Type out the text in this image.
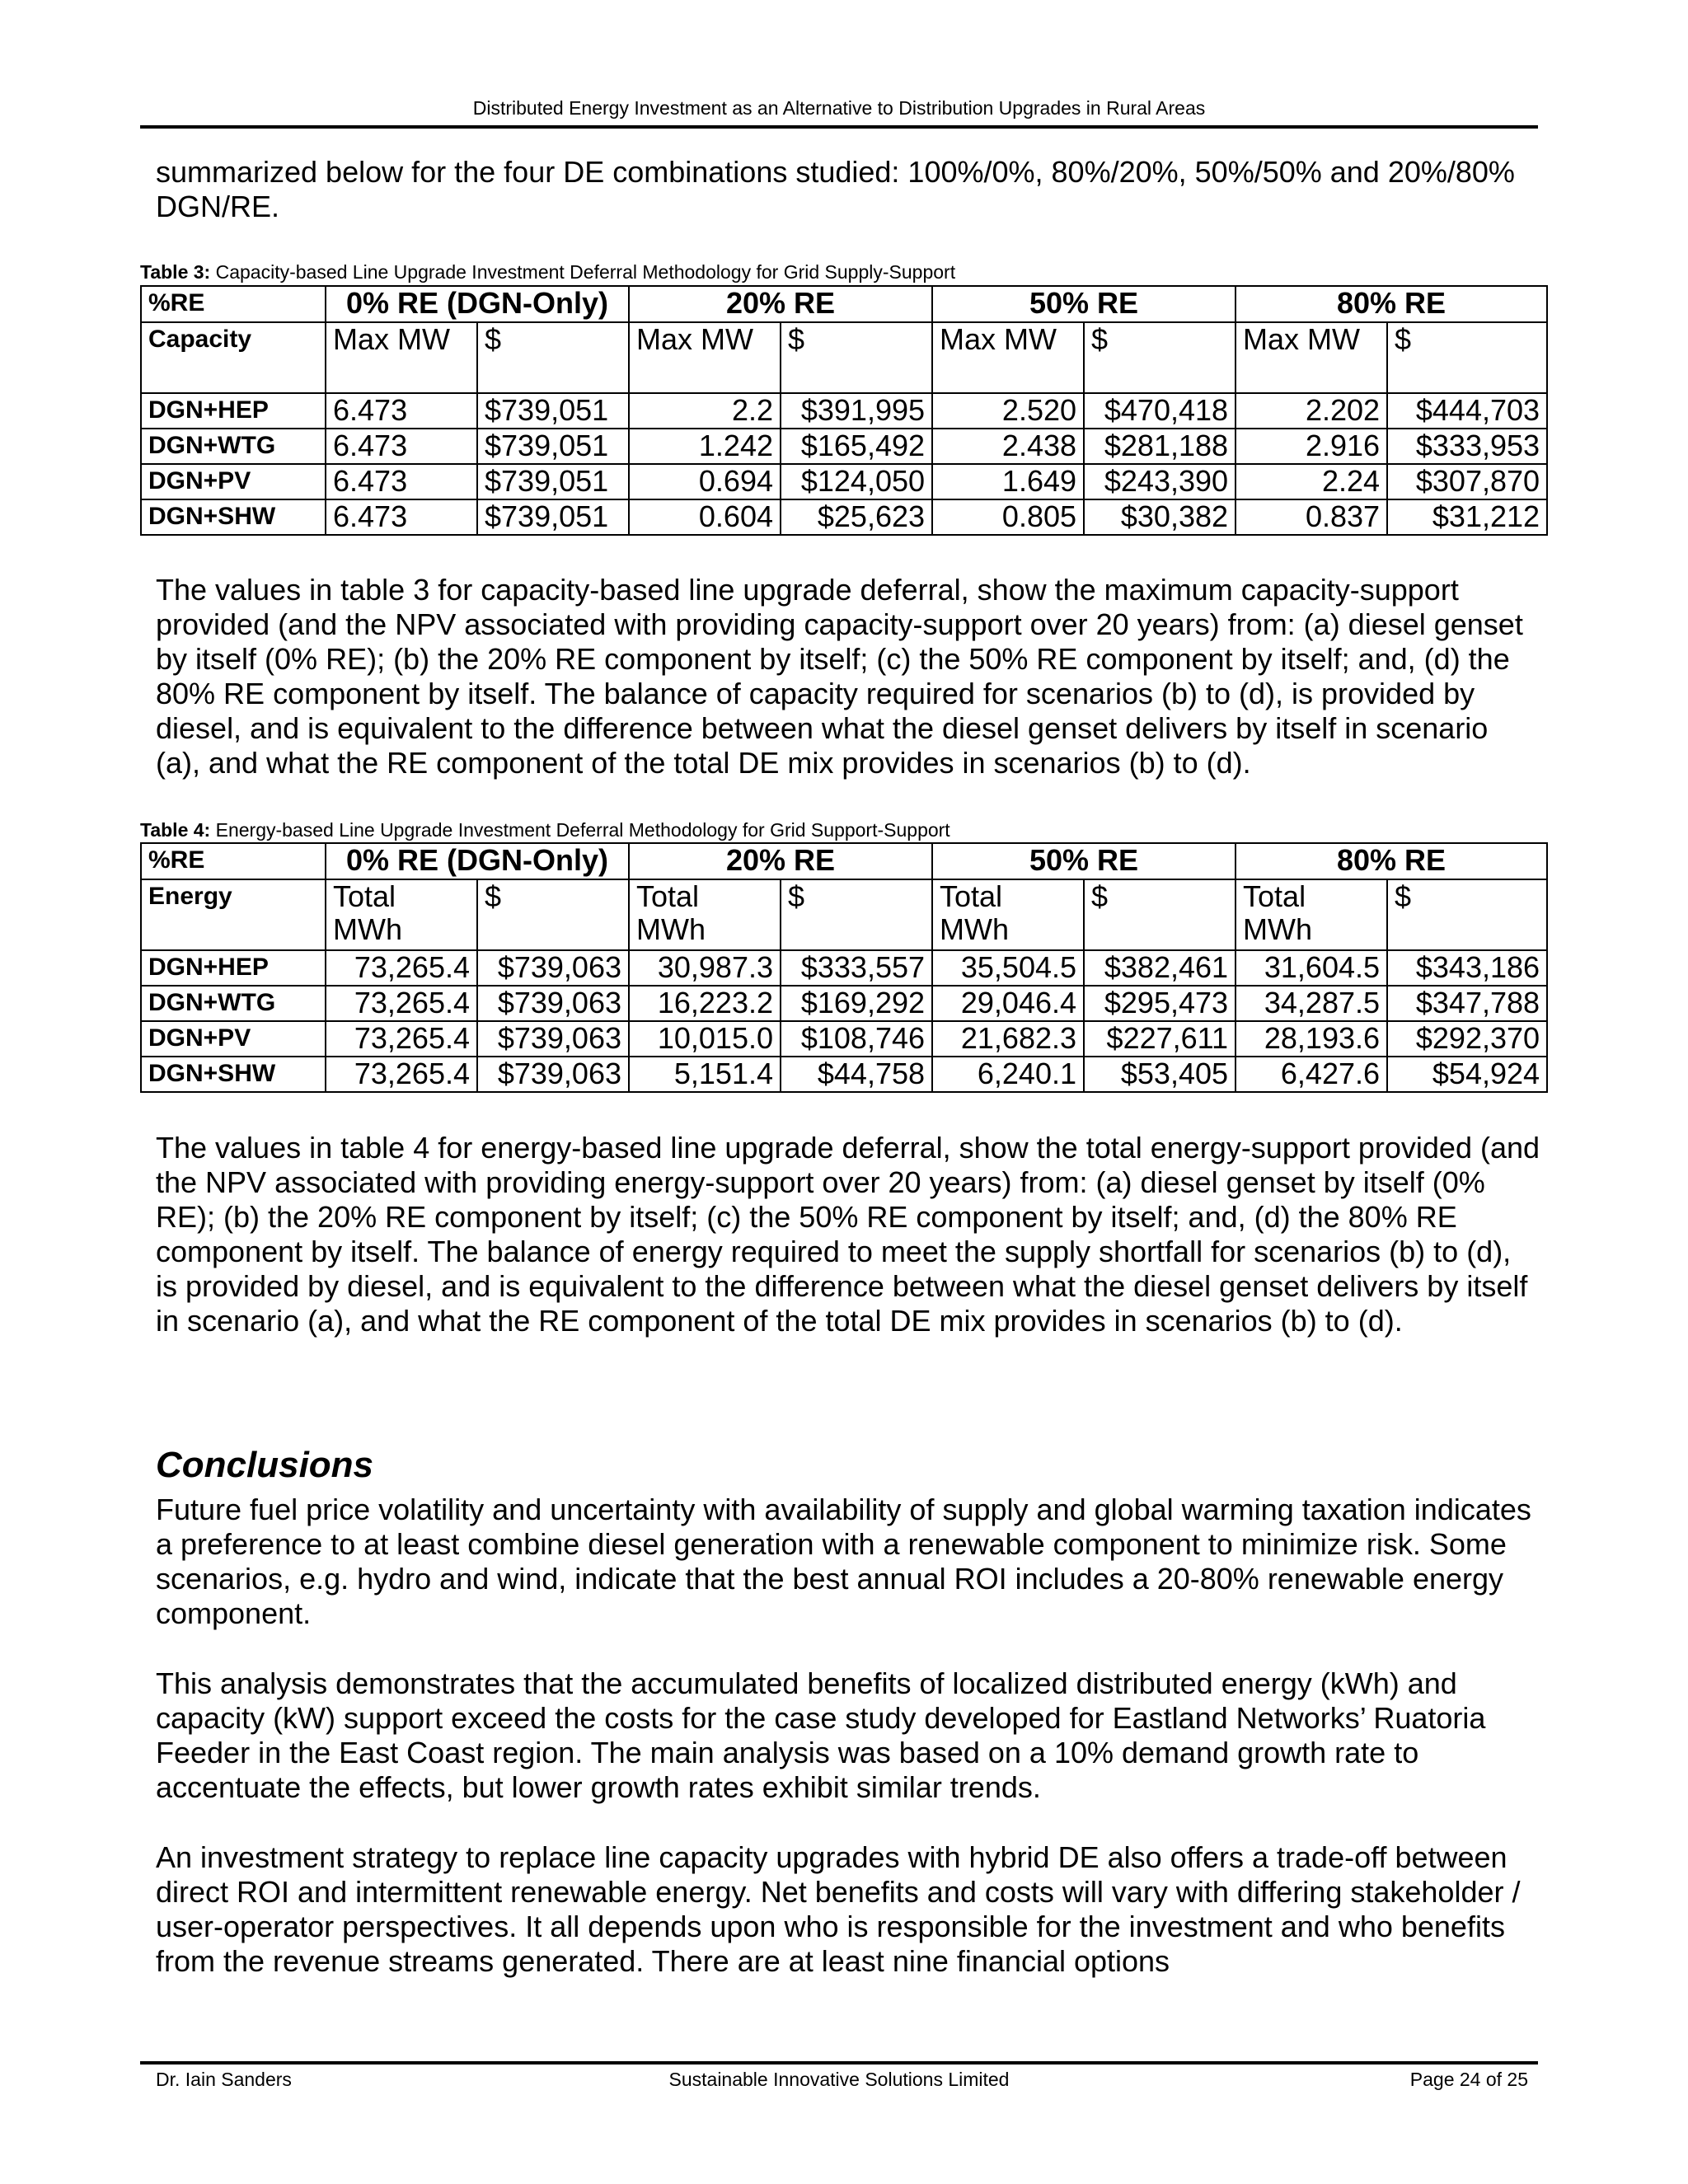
Distributed Energy Investment as an Alternative to Distribution Upgrades in Rural Areas

summarized below for the four DE combinations studied: 100%/0%, 80%/20%, 50%/50% and 20%/80% DGN/RE.

Table 3: Capacity-based Line Upgrade Investment Deferral Methodology for Grid Supply-Support
%RE	0% RE (DGN-Only)		20% RE		50% RE		80% RE	
Capacity	Max MW	$	Max MW	$	Max MW	$	Max MW	$
DGN+HEP	6.473	$739,051	2.2	$391,995	2.520	$470,418	2.202	$444,703
DGN+WTG	6.473	$739,051	1.242	$165,492	2.438	$281,188	2.916	$333,953
DGN+PV	6.473	$739,051	0.694	$124,050	1.649	$243,390	2.24	$307,870
DGN+SHW	6.473	$739,051	0.604	$25,623	0.805	$30,382	0.837	$31,212

The values in table 3 for capacity-based line upgrade deferral, show the maximum capacity-support provided (and the NPV associated with providing capacity-support over 20 years) from: (a) diesel genset by itself (0% RE); (b) the 20% RE component by itself; (c) the 50% RE component by itself; and, (d) the 80% RE component by itself. The balance of capacity required for scenarios (b) to (d), is provided by diesel, and is equivalent to the difference between what the diesel genset delivers by itself in scenario (a), and what the RE component of the total DE mix provides in scenarios (b) to (d).

Table 4: Energy-based Line Upgrade Investment Deferral Methodology for Grid Support-Support
%RE	0% RE (DGN-Only)		20% RE		50% RE		80% RE	
Energy	Total MWh	$	Total MWh	$	Total MWh	$	Total MWh	$
DGN+HEP	73,265.4	$739,063	30,987.3	$333,557	35,504.5	$382,461	31,604.5	$343,186
DGN+WTG	73,265.4	$739,063	16,223.2	$169,292	29,046.4	$295,473	34,287.5	$347,788
DGN+PV	73,265.4	$739,063	10,015.0	$108,746	21,682.3	$227,611	28,193.6	$292,370
DGN+SHW	73,265.4	$739,063	5,151.4	$44,758	6,240.1	$53,405	6,427.6	$54,924

The values in table 4 for energy-based line upgrade deferral, show the total energy-support provided (and the NPV associated with providing energy-support over 20 years) from: (a) diesel genset by itself (0% RE); (b) the 20% RE component by itself; (c) the 50% RE component by itself; and, (d) the 80% RE component by itself. The balance of energy required to meet the supply shortfall for scenarios (b) to (d), is provided by diesel, and is equivalent to the difference between what the diesel genset delivers by itself in scenario (a), and what the RE component of the total DE mix provides in scenarios (b) to (d).

Conclusions

Future fuel price volatility and uncertainty with availability of supply and global warming taxation indicates a preference to at least combine diesel generation with a renewable component to minimize risk. Some scenarios, e.g. hydro and wind, indicate that the best annual ROI includes a 20-80% renewable energy component.

This analysis demonstrates that the accumulated benefits of localized distributed energy (kWh) and capacity (kW) support exceed the costs for the case study developed for Eastland Networks’ Ruatoria Feeder in the East Coast region. The main analysis was based on a 10% demand growth rate to accentuate the effects, but lower growth rates exhibit similar trends.

An investment strategy to replace line capacity upgrades with hybrid DE also offers a trade-off between direct ROI and intermittent renewable energy. Net benefits and costs will vary with differing stakeholder / user-operator perspectives. It all depends upon who is responsible for the investment and who benefits from the revenue streams generated. There are at least nine financial options

Dr. Iain Sanders	Sustainable Innovative Solutions Limited	Page 24 of 25
